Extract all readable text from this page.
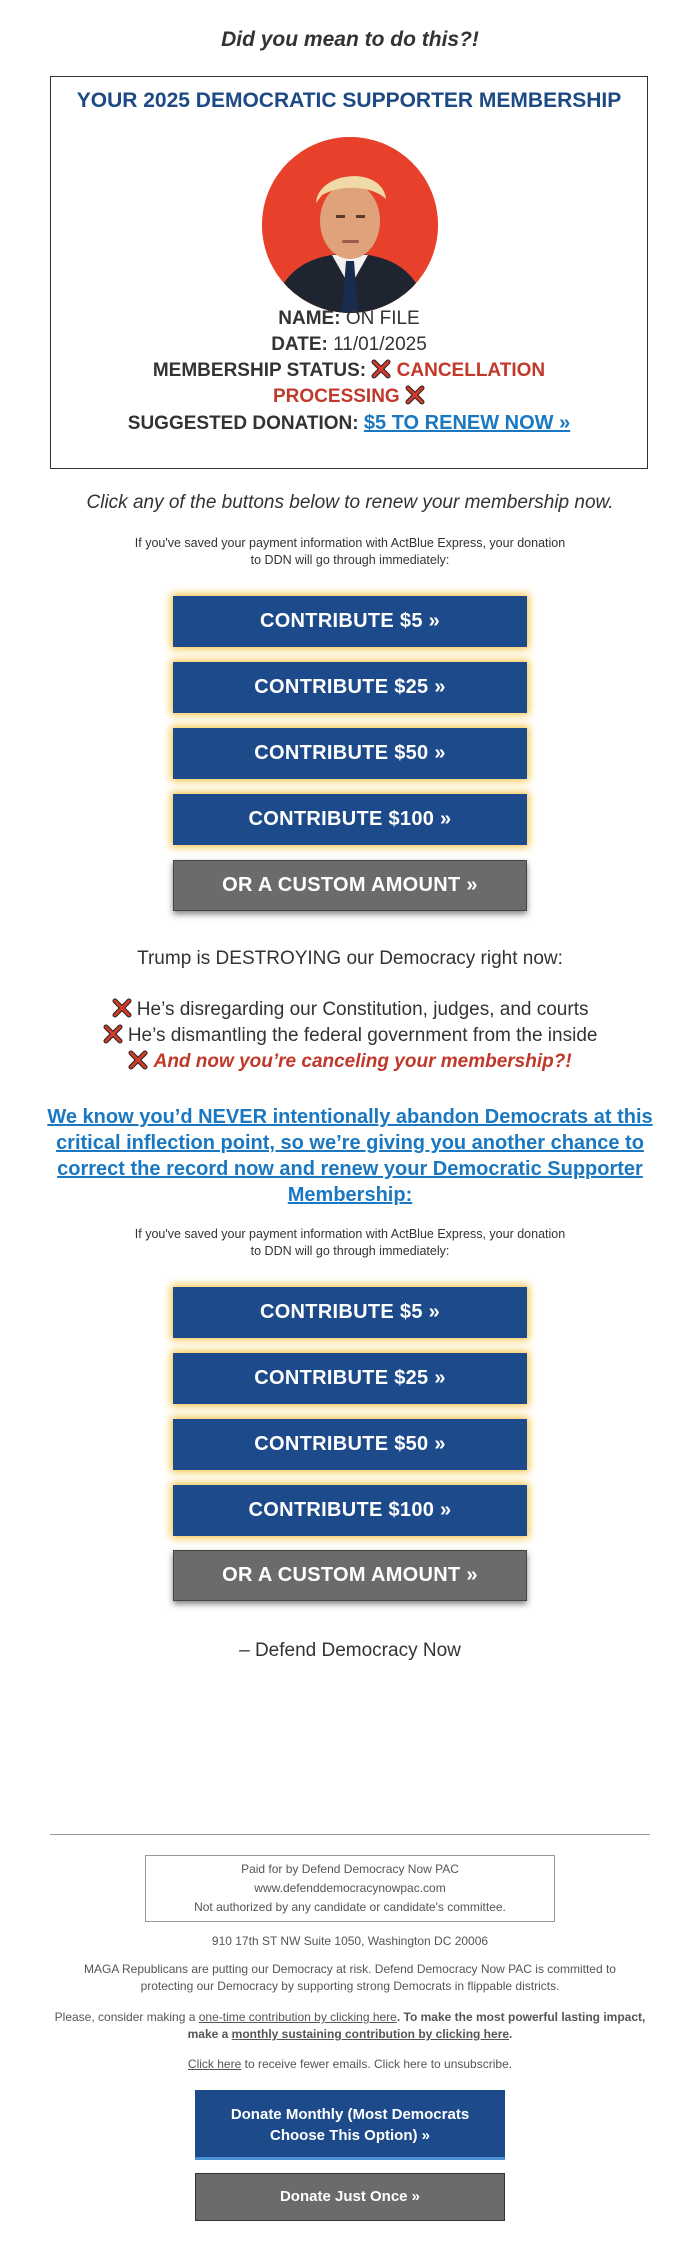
Did you mean to do this?!
YOUR 2025 DEMOCRATIC SUPPORTER MEMBERSHIP
NAME: ON FILE
DATE: 11/01/2025
MEMBERSHIP STATUS: CANCELLATION
PROCESSING
SUGGESTED DONATION: $5 TO RENEW NOW »
Click any of the buttons below to renew your membership now.
If you've saved your payment information with ActBlue Express, your donation
to DDN will go through immediately:
CONTRIBUTE $5 »
CONTRIBUTE $25 »
CONTRIBUTE $50 »
CONTRIBUTE $100 »
OR A CUSTOM AMOUNT »
Trump is DESTROYING our Democracy right now:
He’s disregarding our Constitution, judges, and courts
He’s dismantling the federal government from the inside
And now you’re canceling your membership?!
We know you’d NEVER intentionally abandon Democrats at this critical inflection point, so we’re giving you another chance to correct the record now and renew your Democratic Supporter Membership:
If you've saved your payment information with ActBlue Express, your donation
to DDN will go through immediately:
CONTRIBUTE $5 »
CONTRIBUTE $25 »
CONTRIBUTE $50 »
CONTRIBUTE $100 »
OR A CUSTOM AMOUNT »
– Defend Democracy Now
Paid for by Defend Democracy Now PAC
www.defenddemocracynowpac.com
Not authorized by any candidate or candidate's committee.
910 17th ST NW Suite 1050, Washington DC 20006
MAGA Republicans are putting our Democracy at risk. Defend Democracy Now PAC is committed to protecting our Democracy by supporting strong Democrats in flippable districts.
Please, consider making a one-time contribution by clicking here. To make the most powerful lasting impact, make a monthly sustaining contribution by clicking here.
Click here to receive fewer emails. Click here to unsubscribe.
Donate Monthly (Most Democrats
Choose This Option) »
Donate Just Once »
